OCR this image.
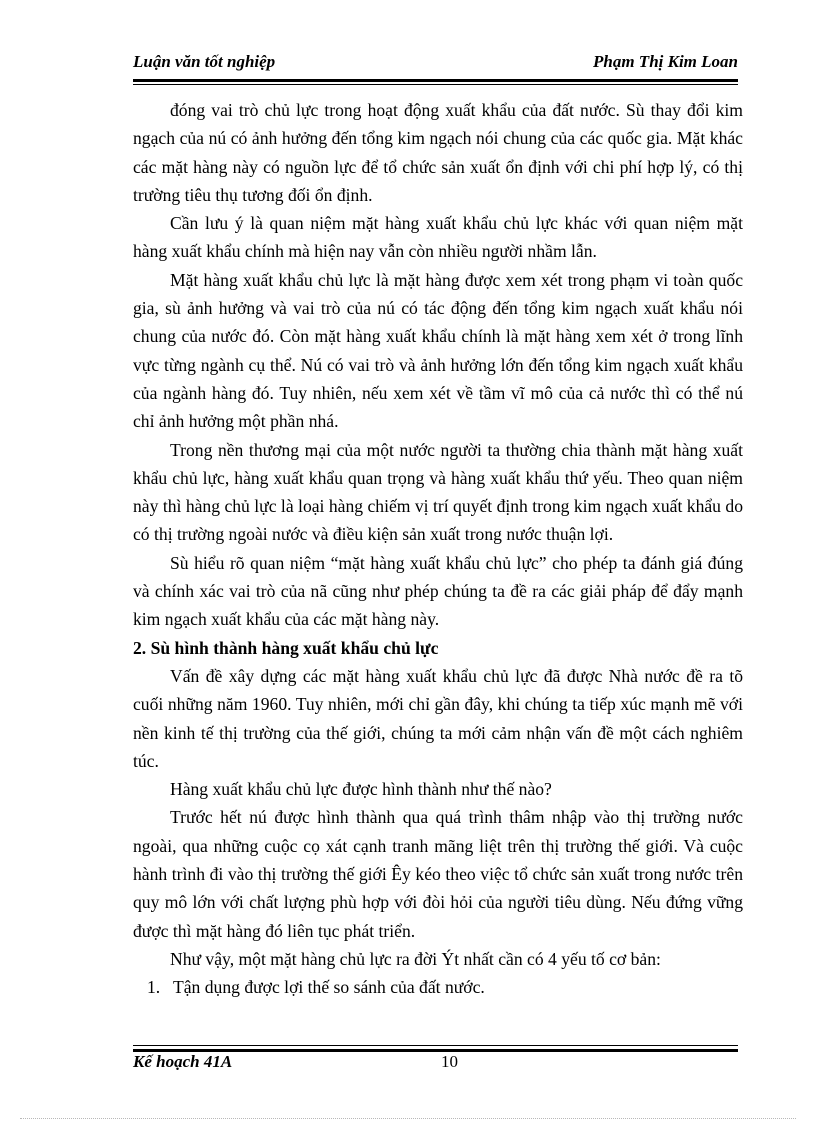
Luận văn tốt nghiệp	Phạm Thị Kim Loan

đóng vai trò chủ lực trong hoạt động xuất khẩu của đất nước. Sù thay đổi kim ngạch của nú có ảnh hưởng đến tổng kim ngạch nói chung của các quốc gia. Mặt khác các mặt hàng này có nguồn lực để tổ chức sản xuất ổn định với chi phí hợp lý, có thị trường tiêu thụ tương đối ổn định.

Cần lưu ý là quan niệm mặt hàng xuất khẩu chủ lực khác với quan niệm mặt hàng xuất khẩu chính mà hiện nay vẫn còn nhiều người nhầm lẫn.

Mặt hàng xuất khẩu chủ lực là mặt hàng được xem xét trong phạm vi toàn quốc gia, sù ảnh hưởng và vai trò của nú có tác động đến tổng kim ngạch xuất khẩu nói chung của nước đó. Còn mặt hàng xuất khẩu chính là mặt hàng xem xét ở trong lĩnh vực từng ngành cụ thể. Nú có vai trò và ảnh hưởng lớn đến tổng kim ngạch xuất khẩu của ngành hàng đó. Tuy nhiên, nếu xem xét về tầm vĩ mô của cả nước thì có thể nú chỉ ảnh hưởng một phần nhá.

Trong nền thương mại của một nước người ta thường chia thành mặt hàng xuất khẩu chủ lực, hàng xuất khẩu quan trọng và hàng xuất khẩu thứ yếu. Theo quan niệm này thì hàng chủ lực là loại hàng chiếm vị trí quyết định trong kim ngạch xuất khẩu do có thị trường ngoài nước và điều kiện sản xuất trong nước thuận lợi.

Sù hiểu rõ quan niệm “mặt hàng xuất khẩu chủ lực” cho phép ta đánh giá đúng và chính xác vai trò của nã cũng như phép chúng ta đề ra các giải pháp để đẩy mạnh kim ngạch xuất khẩu của các mặt hàng này.

2. Sù hình thành hàng xuất khẩu chủ lực

Vấn đề xây dựng các mặt hàng xuất khẩu chủ lực đã được Nhà nước đề ra tõ cuối những năm 1960. Tuy nhiên, mới chỉ gần đây, khi chúng ta tiếp xúc mạnh mẽ với nền kinh tế thị trường của thế giới, chúng ta mới cảm nhận vấn đề một cách nghiêm túc.

Hàng xuất khẩu chủ lực được hình thành như thế nào?

Trước hết nú được hình thành qua quá trình thâm nhập vào thị trường nước ngoài, qua những cuộc cọ xát cạnh tranh mãng liệt trên thị trường thế giới. Và cuộc hành trình đi vào thị trường thế giới Êy kéo theo việc tổ chức sản xuất trong nước trên quy mô lớn với chất lượng phù hợp với đòi hỏi của người tiêu dùng. Nếu đứng vững được thì mặt hàng đó liên tục phát triển.

Như vậy, một mặt hàng chủ lực ra đời Ýt nhất cần có 4 yếu tố cơ bản:

1. Tận dụng được lợi thế so sánh của đất nước.

Kế hoạch 41A	10
